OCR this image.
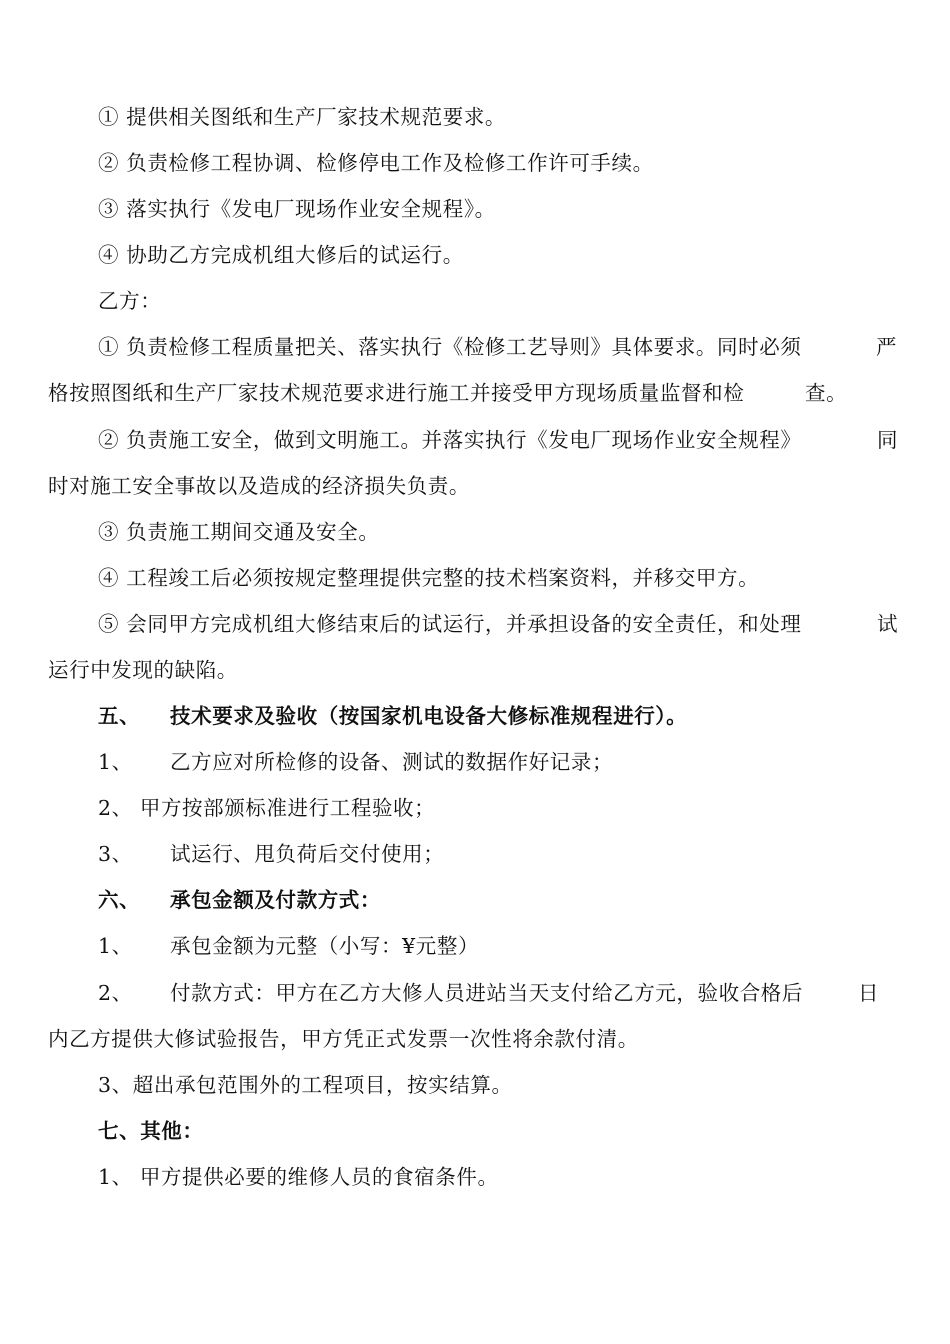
① 提供相关图纸和生产厂家技术规范要求。
② 负责检修工程协调、检修停电工作及检修工作许可手续。
③ 落实执行《发电厂现场作业安全规程》。
④ 协助乙方完成机组大修后的试运行。
乙方：
① 负责检修工程质量把关、落实执行《检修工艺导则》具体要求。同时必须	严
格按照图纸和生产厂家技术规范要求进行施工并接受甲方现场质量监督和检	查。
② 负责施工安全，做到文明施工。并落实执行《发电厂现场作业安全规程》	同
时对施工安全事故以及造成的经济损失负责。
③ 负责施工期间交通及安全。
④ 工程竣工后必须按规定整理提供完整的技术档案资料，并移交甲方。
⑤ 会同甲方完成机组大修结束后的试运行，并承担设备的安全责任，和处理	试
运行中发现的缺陷。
五、 技术要求及验收（按国家机电设备大修标准规程进行）。
1、 乙方应对所检修的设备、测试的数据作好记录；
2、 甲方按部颁标准进行工程验收；
3、 试运行、甩负荷后交付使用；
六、 承包金额及付款方式：
1、 承包金额为元整（小写：¥元整）
2、 付款方式：甲方在乙方大修人员进站当天支付给乙方元，验收合格后	日
内乙方提供大修试验报告，甲方凭正式发票一次性将余款付清。
3、超出承包范围外的工程项目，按实结算。
七、其他：
1、 甲方提供必要的维修人员的食宿条件。
